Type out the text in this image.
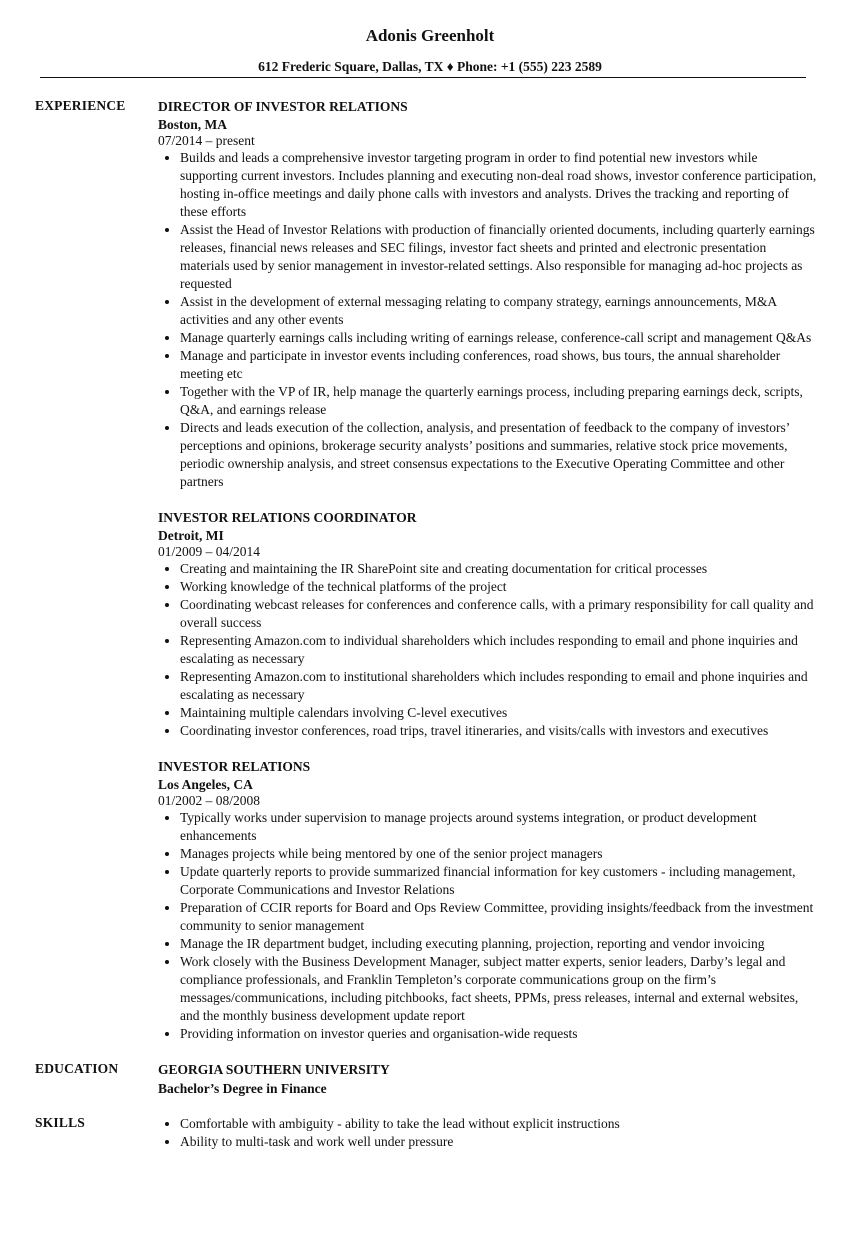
Adonis Greenholt
612 Frederic Square, Dallas, TX ♦ Phone: +1 (555) 223 2589
EXPERIENCE DIRECTOR OF INVESTOR RELATIONS
Boston, MA
07/2014 – present
• Builds and leads a comprehensive investor targeting program in order to find potential new investors while supporting current investors. Includes planning and executing non-deal road shows, investor conference participation, hosting in-office meetings and daily phone calls with investors and analysts. Drives the tracking and reporting of these efforts
• Assist the Head of Investor Relations with production of financially oriented documents, including quarterly earnings releases, financial news releases and SEC filings, investor fact sheets and printed and electronic presentation materials used by senior management in investor-related settings. Also responsible for managing ad-hoc projects as requested
• Assist in the development of external messaging relating to company strategy, earnings announcements, M&A activities and any other events
• Manage quarterly earnings calls including writing of earnings release, conference-call script and management Q&As
• Manage and participate in investor events including conferences, road shows, bus tours, the annual shareholder meeting etc
• Together with the VP of IR, help manage the quarterly earnings process, including preparing earnings deck, scripts, Q&A, and earnings release
• Directs and leads execution of the collection, analysis, and presentation of feedback to the company of investors’ perceptions and opinions, brokerage security analysts’ positions and summaries, relative stock price movements, periodic ownership analysis, and street consensus expectations to the Executive Operating Committee and other partners
INVESTOR RELATIONS COORDINATOR
Detroit, MI
01/2009 – 04/2014
• Creating and maintaining the IR SharePoint site and creating documentation for critical processes
• Working knowledge of the technical platforms of the project
• Coordinating webcast releases for conferences and conference calls, with a primary responsibility for call quality and overall success
• Representing Amazon.com to individual shareholders which includes responding to email and phone inquiries and escalating as necessary
• Representing Amazon.com to institutional shareholders which includes responding to email and phone inquiries and escalating as necessary
• Maintaining multiple calendars involving C-level executives
• Coordinating investor conferences, road trips, travel itineraries, and visits/calls with investors and executives
INVESTOR RELATIONS
Los Angeles, CA
01/2002 – 08/2008
• Typically works under supervision to manage projects around systems integration, or product development enhancements
• Manages projects while being mentored by one of the senior project managers
• Update quarterly reports to provide summarized financial information for key customers - including management, Corporate Communications and Investor Relations
• Preparation of CCIR reports for Board and Ops Review Committee, providing insights/feedback from the investment community to senior management
• Manage the IR department budget, including executing planning, projection, reporting and vendor invoicing
• Work closely with the Business Development Manager, subject matter experts, senior leaders, Darby’s legal and compliance professionals, and Franklin Templeton’s corporate communications group on the firm’s messages/communications, including pitchbooks, fact sheets, PPMs, press releases, internal and external websites, and the monthly business development update report
• Providing information on investor queries and organisation-wide requests
EDUCATION	GEORGIA SOUTHERN UNIVERSITY
Bachelor’s Degree in Finance
SKILLS
•	Comfortable with ambiguity - ability to take the lead without explicit instructions
• Ability to multi-task and work well under pressure
